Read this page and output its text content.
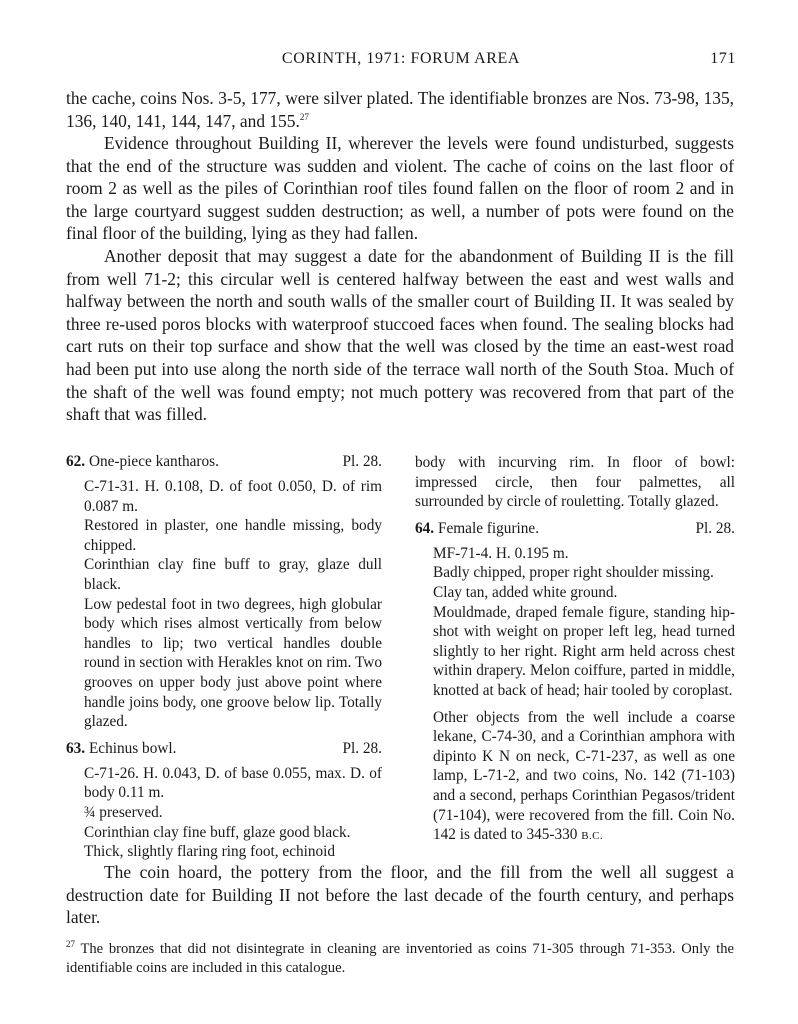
CORINTH, 1971: FORUM AREA	171

the cache, coins Nos. 3-5, 177, were silver plated. The identifiable bronzes are Nos. 73-98, 135, 136, 140, 141, 144, 147, and 155.27

Evidence throughout Building II, wherever the levels were found undisturbed, suggests that the end of the structure was sudden and violent. The cache of coins on the last floor of room 2 as well as the piles of Corinthian roof tiles found fallen on the floor of room 2 and in the large courtyard suggest sudden destruction; as well, a number of pots were found on the final floor of the building, lying as they had fallen.

Another deposit that may suggest a date for the abandonment of Building II is the fill from well 71-2; this circular well is centered halfway between the east and west walls and halfway between the north and south walls of the smaller court of Building II. It was sealed by three re-used poros blocks with waterproof stuccoed faces when found. The sealing blocks had cart ruts on their top surface and show that the well was closed by the time an east-west road had been put into use along the north side of the terrace wall north of the South Stoa. Much of the shaft of the well was found empty; not much pottery was recovered from that part of the shaft that was filled.

62. One-piece kantharos.	Pl. 28.

C-71-31. H. 0.108, D. of foot 0.050, D. of rim 0.087 m.

Restored in plaster, one handle missing, body chipped.

Corinthian clay fine buff to gray, glaze dull black.

Low pedestal foot in two degrees, high globular body which rises almost vertically from below handles to lip; two vertical handles double round in section with Herakles knot on rim. Two grooves on upper body just above point where handle joins body, one groove below lip. Totally glazed.

63. Echinus bowl.	Pl. 28.

C-71-26. H. 0.043, D. of base 0.055, max. D. of body 0.11 m.

¾ preserved.

Corinthian clay fine buff, glaze good black.

Thick, slightly flaring ring foot, echinoid

body with incurving rim. In floor of bowl: impressed circle, then four palmettes, all surrounded by circle of rouletting. Totally glazed.

64. Female figurine.	Pl. 28.

MF-71-4. H. 0.195 m.

Badly chipped, proper right shoulder missing.

Clay tan, added white ground.

Mouldmade, draped female figure, standing hip-shot with weight on proper left leg, head turned slightly to her right. Right arm held across chest within drapery. Melon coiffure, parted in middle, knotted at back of head; hair tooled by coroplast.

Other objects from the well include a coarse lekane, C-74-30, and a Corinthian amphora with dipinto Κ Ν on neck, C-71-237, as well as one lamp, L-71-2, and two coins, No. 142 (71-103) and a second, perhaps Corinthian Pegasos/trident (71-104), were recovered from the fill. Coin No. 142 is dated to 345-330 B.C.

The coin hoard, the pottery from the floor, and the fill from the well all suggest a destruction date for Building II not before the last decade of the fourth century, and perhaps later.

$^{27}$ The bronzes that did not disintegrate in cleaning are inventoried as coins 71-305 through 71-353. Only the identifiable coins are included in this catalogue.
